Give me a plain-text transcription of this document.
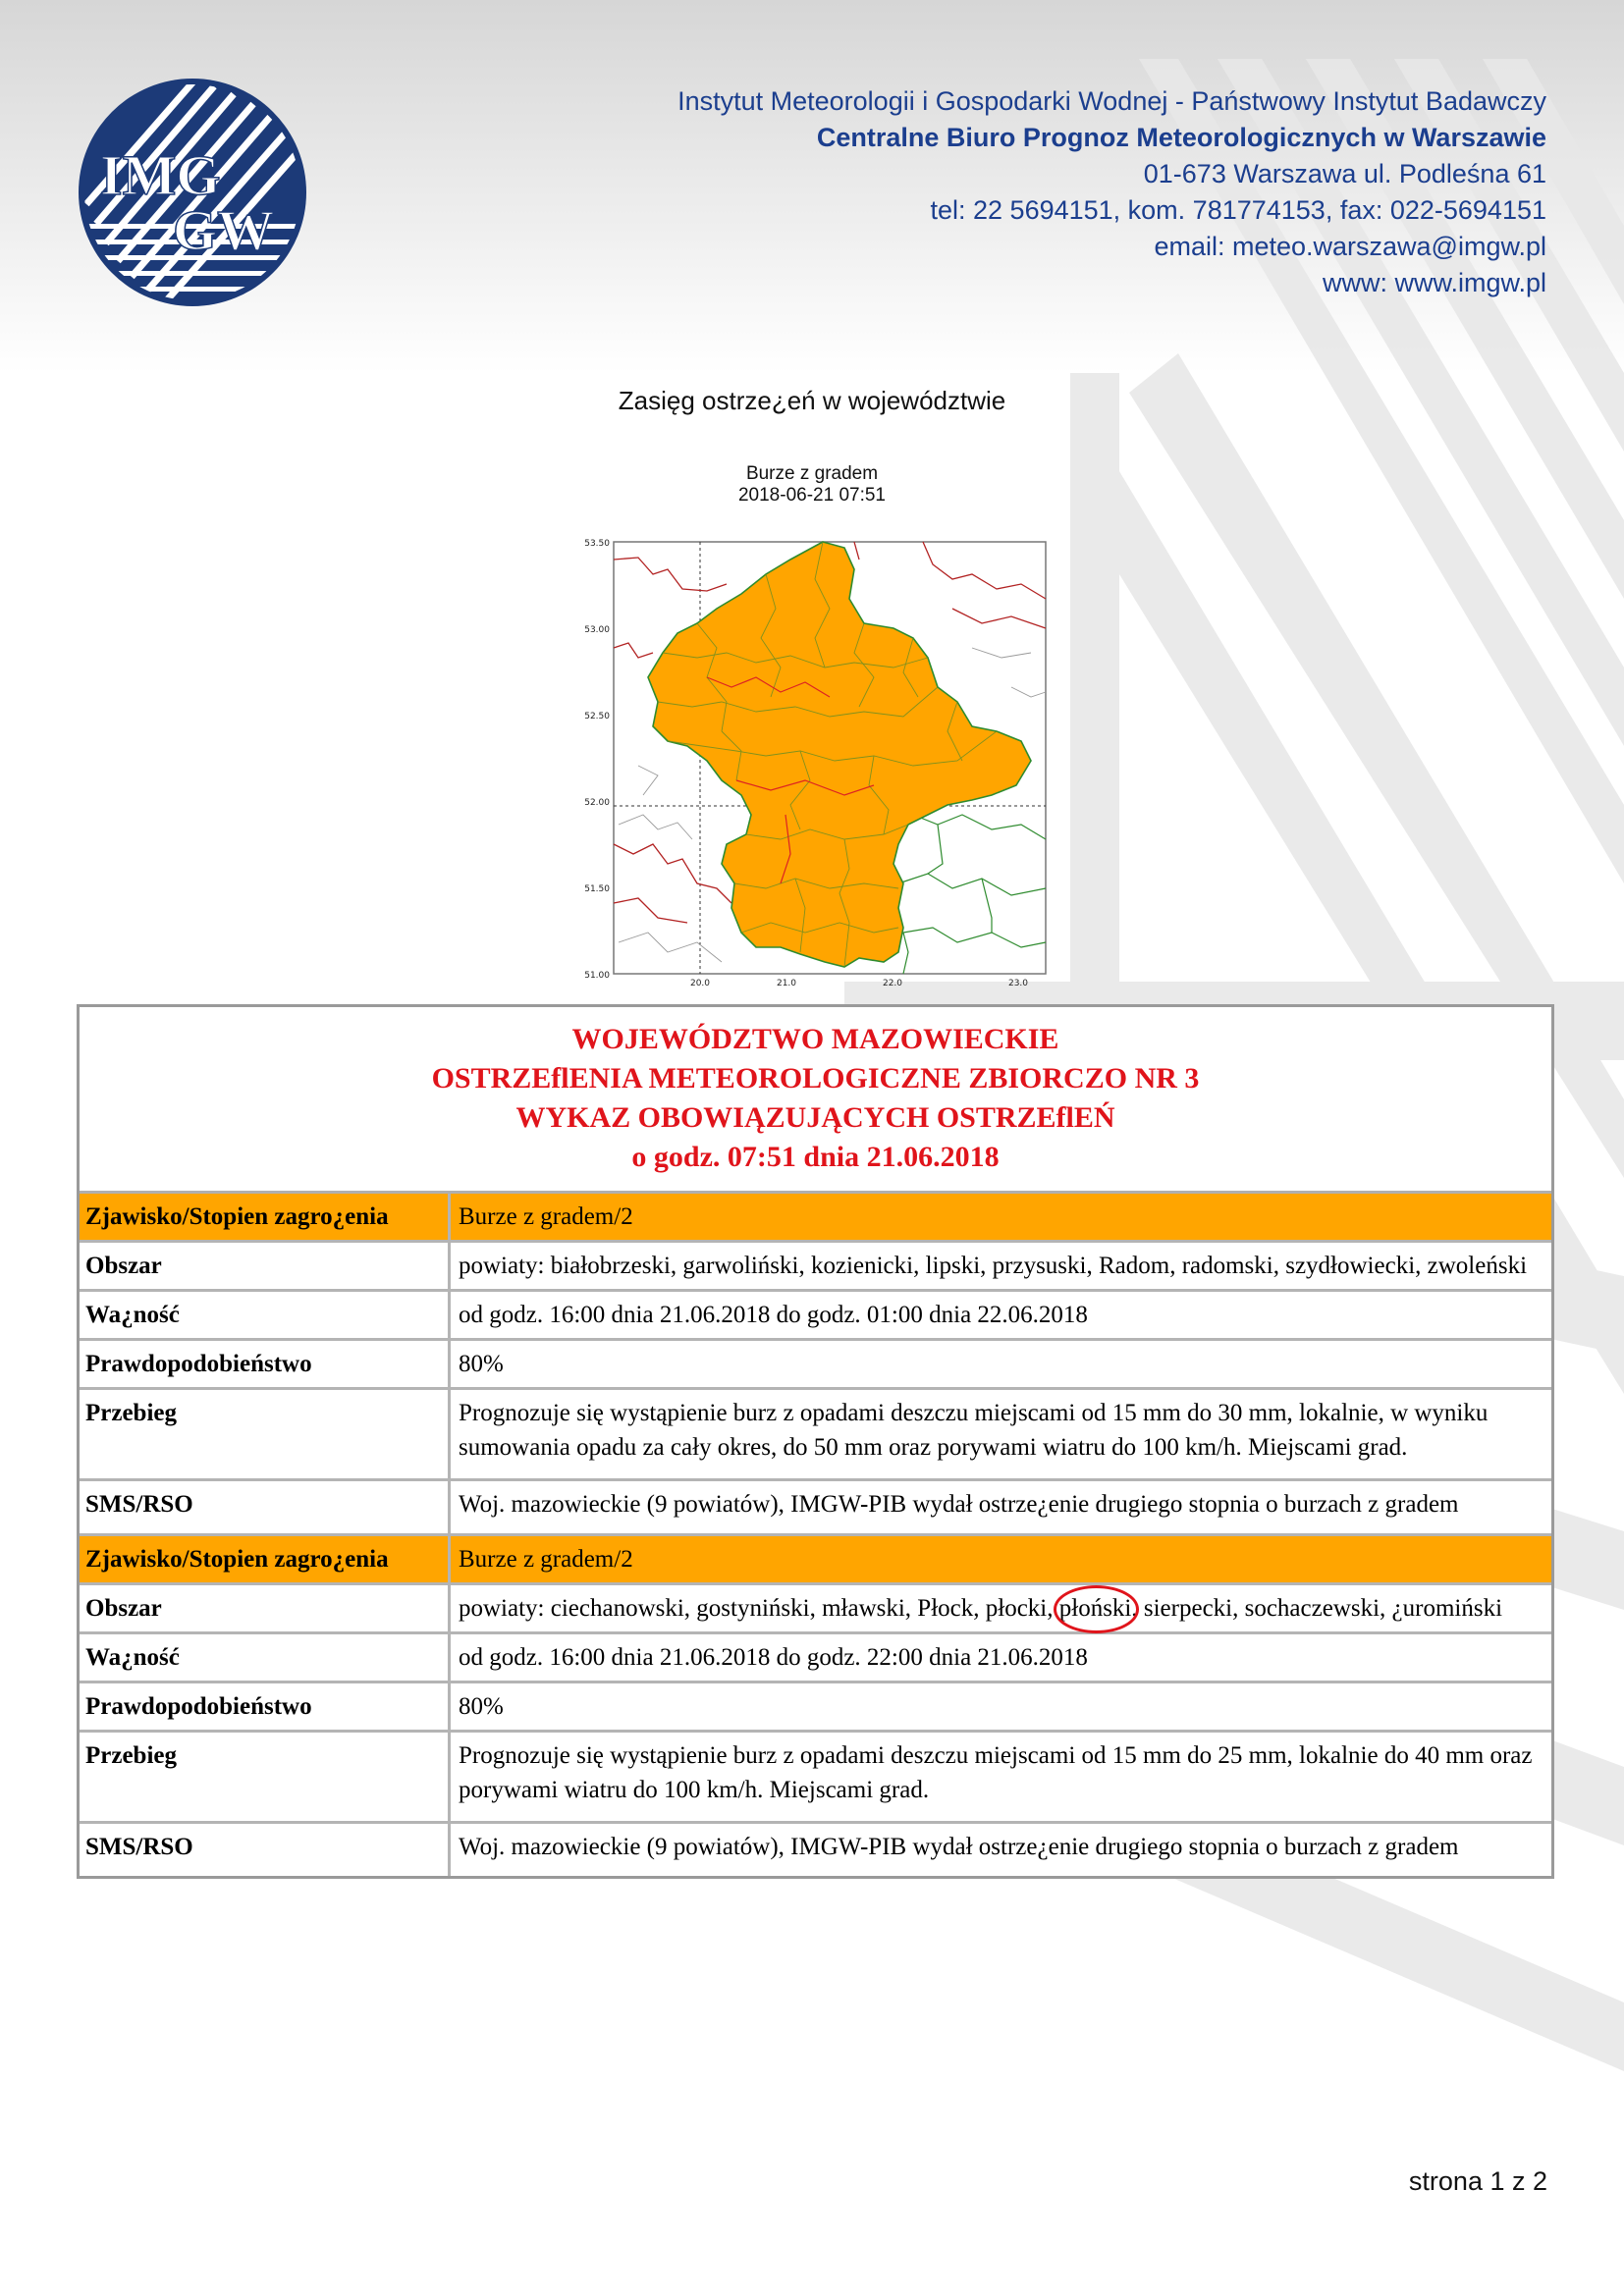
IMG
GW
Instytut Meteorologii i Gospodarki Wodnej - Państwowy Instytut Badawczy
Centralne Biuro Prognoz Meteorologicznych w Warszawie
01-673 Warszawa ul. Podleśna 61
tel: 22 5694151, kom. 781774153, fax: 022-5694151
email: meteo.warszawa@imgw.pl
www: www.imgw.pl
Zasięg ostrze¿eń w województwie
Burze z gradem
2018-06-21 07:51
53.50
53.00
52.50
52.00
51.50
51.00
20.0	21.0	22.0	23.0
WOJEWÓDZTWO MAZOWIECKIE
OSTRZEflENIA METEOROLOGICZNE ZBIORCZO NR 3
WYKAZ OBOWIĄZUJĄCYCH OSTRZEflEŃ
o godz. 07:51 dnia 21.06.2018
Zjawisko/Stopien zagro¿enia	Burze z gradem/2
Obszar	powiaty: białobrzeski, garwoliński, kozienicki, lipski, przysuski, Radom, radomski, szydłowiecki, zwoleński
Wa¿ność	od godz. 16:00 dnia 21.06.2018 do godz. 01:00 dnia 22.06.2018
Prawdopodobieństwo	80%
Przebieg	Prognozuje się wystąpienie burz z opadami deszczu miejscami od 15 mm do 30 mm, lokalnie, w wyniku sumowania opadu za cały okres, do 50 mm oraz porywami wiatru do 100 km/h. Miejscami grad.
SMS/RSO	Woj. mazowieckie (9 powiatów), IMGW-PIB wydał ostrze¿enie drugiego stopnia o burzach z gradem
Zjawisko/Stopien zagro¿enia	Burze z gradem/2
Obszar	powiaty: ciechanowski, gostyniński, mławski, Płock, płocki, płoński, sierpecki, sochaczewski, ¿uromiński
Wa¿ność	od godz. 16:00 dnia 21.06.2018 do godz. 22:00 dnia 21.06.2018
Prawdopodobieństwo	80%
Przebieg	Prognozuje się wystąpienie burz z opadami deszczu miejscami od 15 mm do 25 mm, lokalnie do 40 mm oraz porywami wiatru do 100 km/h. Miejscami grad.
SMS/RSO	Woj. mazowieckie (9 powiatów), IMGW-PIB wydał ostrze¿enie drugiego stopnia o burzach z gradem
strona 1 z 2
